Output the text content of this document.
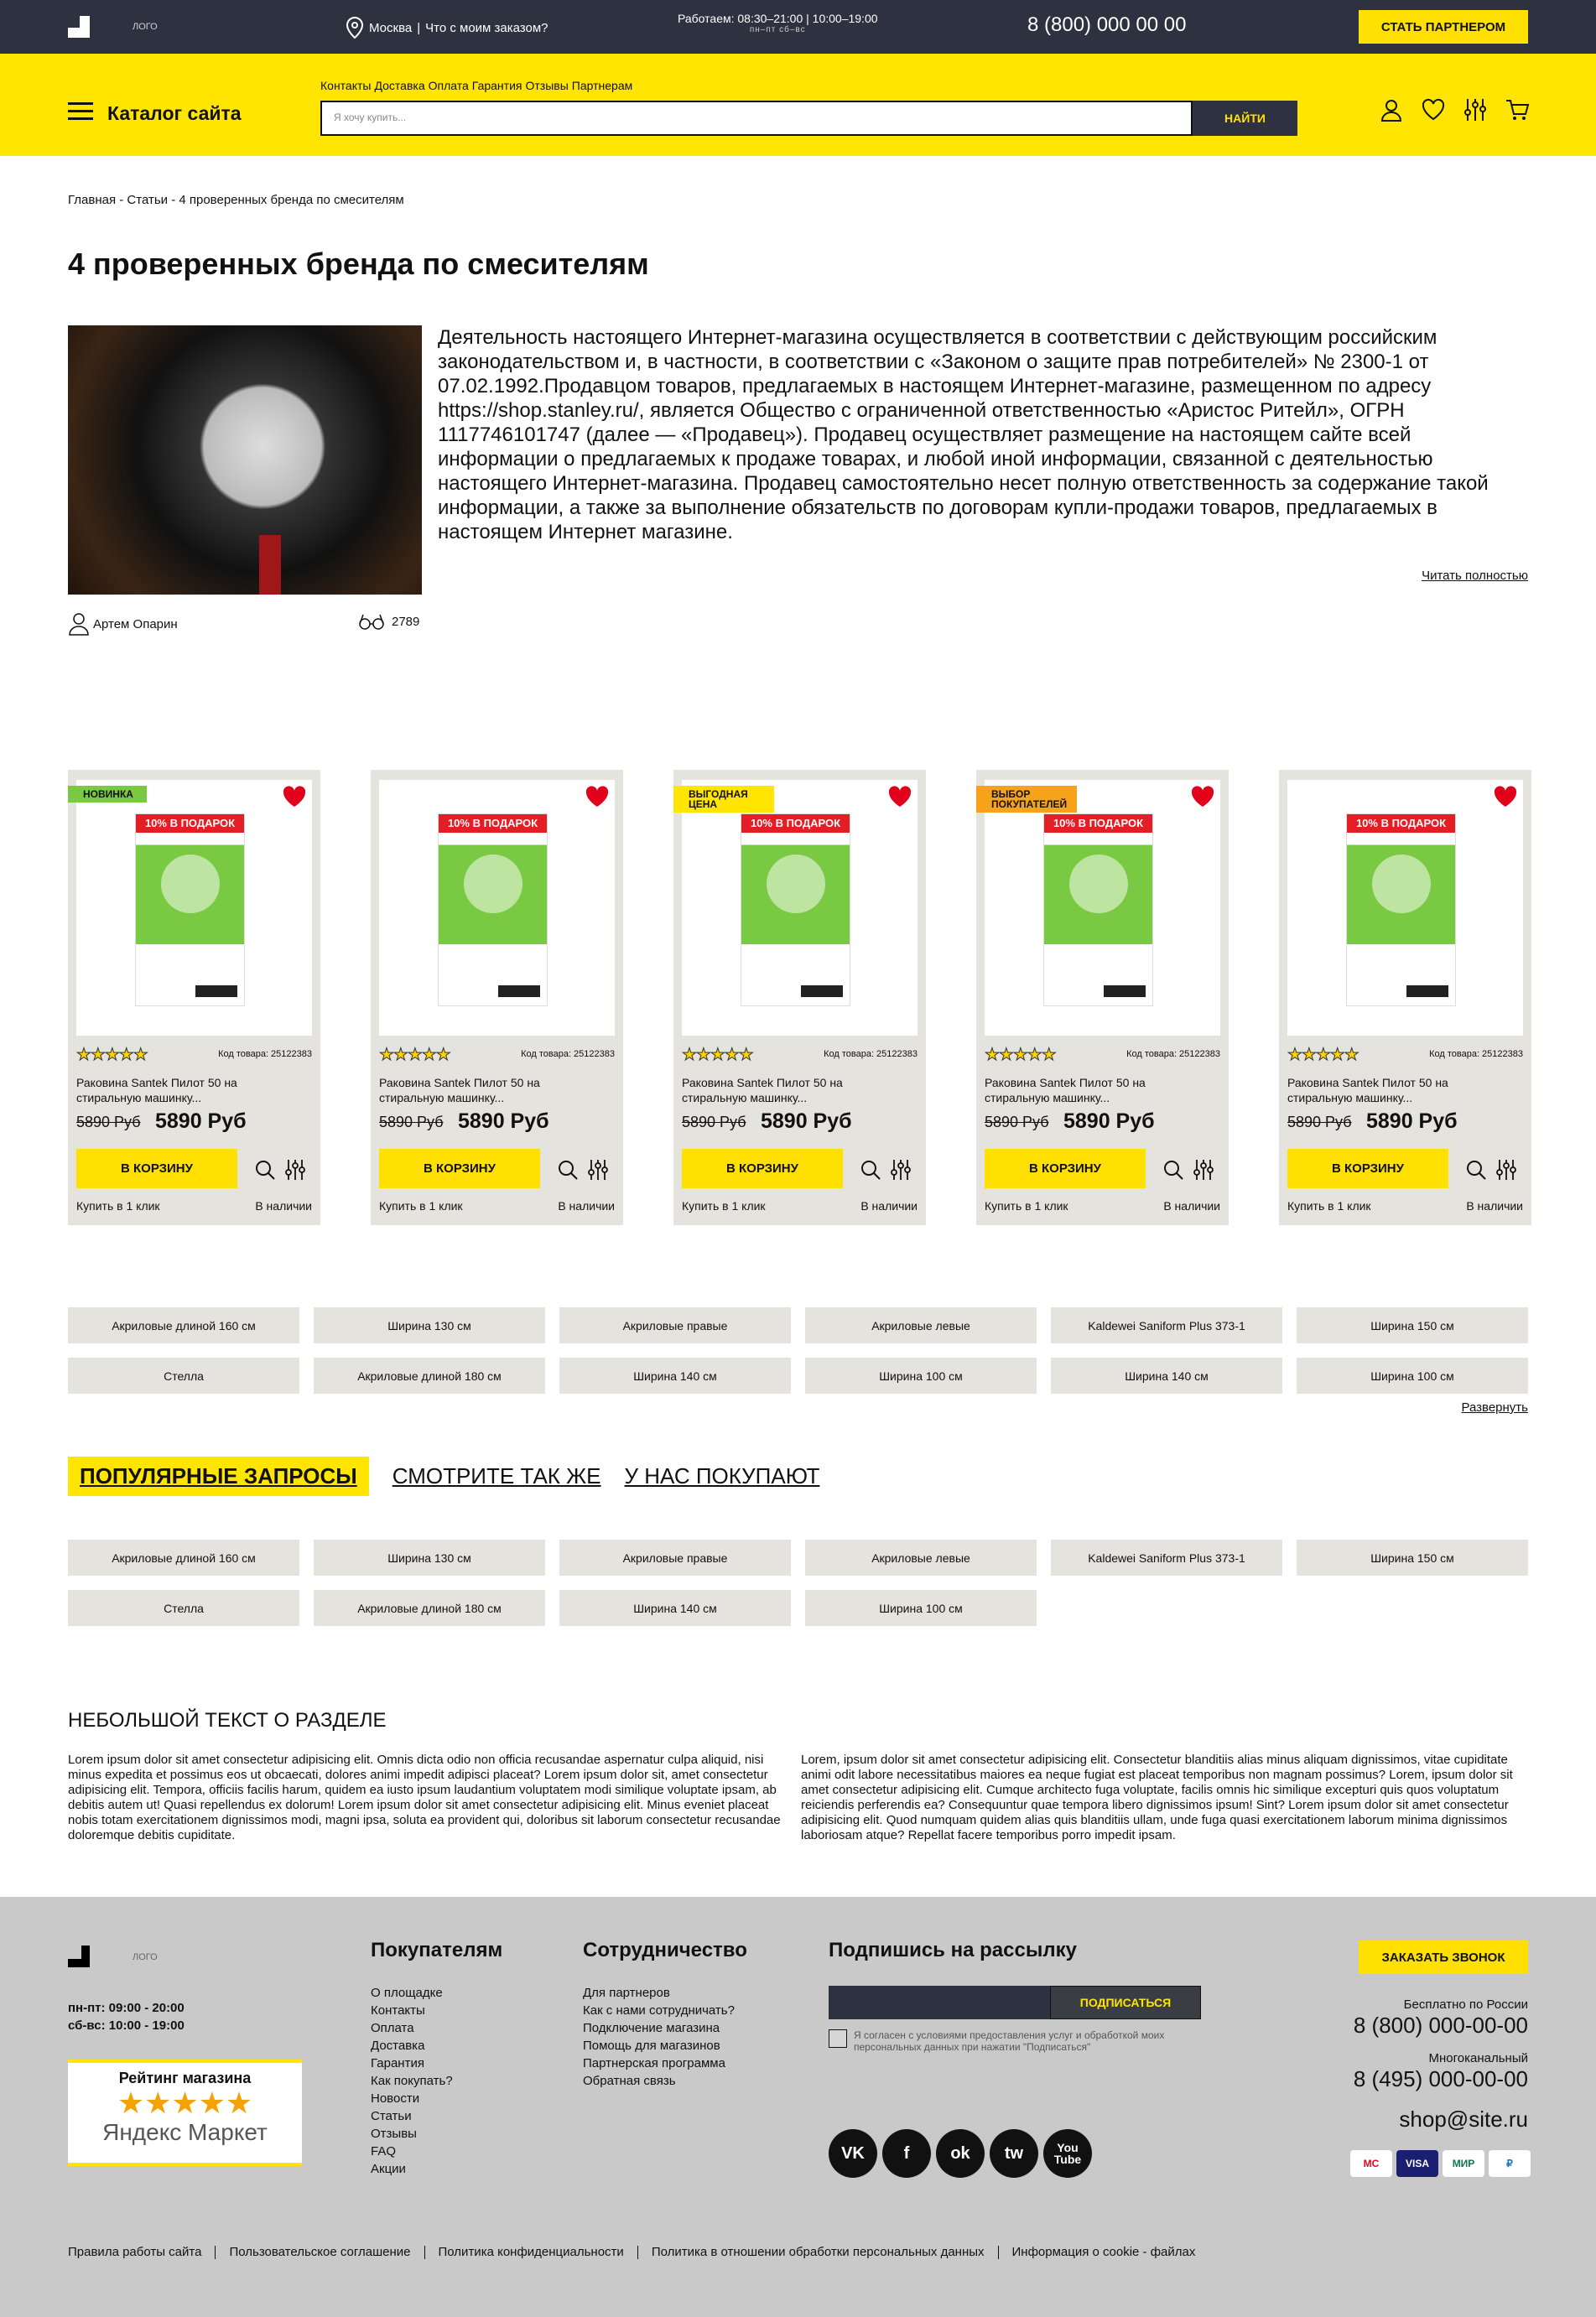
ЛОГО	Москва | Что с моим заказом?
Работаем: 08:30–21:00 | 10:00–19:00
пн–пт сб–вс	8 (800) 000 00 00	СТАТЬ ПАРТНЕРОМ
Каталог сайта
Контакты Доставка Оплата Гарантия Отзывы Партнерам
Я хочу купить...	НАЙТИ
Главная - Статьи - 4 проверенных бренда по смесителям
4 проверенных бренда по смесителям
Артем Опарин	2789
Деятельность настоящего Интернет-магазина осуществляется в соответствии с действующим российским законодательством и, в частности, в соответствии с «Законом о защите прав потребителей» № 2300-1 от 07.02.1992.Продавцом товаров, предлагаемых в настоящем Интернет-магазине, размещенном по адресу https://shop.stanley.ru/, является Общество с ограниченной ответственностью «Аристос Ритейл», ОГРН 1117746101747 (далее — «Продавец»). Продавец осуществляет размещение на настоящем сайте всей информации о предлагаемых к продаже товарах, и любой иной информации, связанной с деятельностью настоящего Интернет-магазина. Продавец самостоятельно несет полную ответственность за содержание такой информации, а также за выполнение обязательств по договорам купли-продажи товаров, предлагаемых в настоящем Интернет магазине.
Читать полностью
10% В ПОДАРОК
НОВИНКА
★★★★★	Код товара: 25122383
Раковина Santek Пилот 50 на стиральную машинку...
5890 Руб 5890 Руб
Купить в 1 клик	В наличии
В КОРЗИНУ
10% В ПОДАРОК
★★★★★	Код товара: 25122383
Раковина Santek Пилот 50 на стиральную машинку...
5890 Руб 5890 Руб
Купить в 1 клик	В наличии
В КОРЗИНУ
10% В ПОДАРОК
ВЫГОДНАЯ ЦЕНА
★★★★★	Код товара: 25122383
Раковина Santek Пилот 50 на стиральную машинку...
5890 Руб 5890 Руб
Купить в 1 клик	В наличии
В КОРЗИНУ
10% В ПОДАРОК
ВЫБОР ПОКУПАТЕЛЕЙ
★★★★★	Код товара: 25122383
Раковина Santek Пилот 50 на стиральную машинку...
5890 Руб 5890 Руб
Купить в 1 клик	В наличии
В КОРЗИНУ
10% В ПОДАРОК
★★★★★	Код товара: 25122383
Раковина Santek Пилот 50 на стиральную машинку...
5890 Руб 5890 Руб
Купить в 1 клик	В наличии
В КОРЗИНУ
Акриловые длиной 160 см	Ширина 130 см	Акриловые правые	Акриловые левые	Kaldewei Saniform Plus 373-1	Ширина 150 см
Стелла	Акриловые длиной 180 см	Ширина 140 см	Ширина 100 см	Ширина 140 см	Ширина 100 см
Развернуть
ПОПУЛЯРНЫЕ ЗАПРОСЫ	СМОТРИТЕ ТАК ЖЕ У НАС ПОКУПАЮТ
Акриловые длиной 160 см	Ширина 130 см	Акриловые правые	Акриловые левые	Kaldewei Saniform Plus 373-1	Ширина 150 см
Стелла	Акриловые длиной 180 см	Ширина 140 см	Ширина 100 см
НЕБОЛЬШОЙ ТЕКСТ О РАЗДЕЛЕ
Lorem ipsum dolor sit amet consectetur adipisicing elit. Omnis dicta odio non officia recusandae aspernatur culpa aliquid, nisi minus expedita et possimus eos ut obcaecati, dolores animi impedit adipisci placeat? Lorem ipsum dolor sit, amet consectetur adipisicing elit. Tempora, officiis facilis harum, quidem ea iusto ipsum laudantium voluptatem modi similique voluptate ipsam, ab debitis autem ut! Quasi repellendus ex dolorum! Lorem ipsum dolor sit amet consectetur adipisicing elit. Minus eveniet placeat nobis totam exercitationem dignissimos modi, magni ipsa, soluta ea provident qui, doloribus sit laborum consectetur recusandae doloremque debitis cupiditate.
Lorem, ipsum dolor sit amet consectetur adipisicing elit. Consectetur blanditiis alias minus aliquam dignissimos, vitae cupiditate animi odit labore necessitatibus maiores ea neque fugiat est placeat temporibus non magnam possimus? Lorem, ipsum dolor sit amet consectetur adipisicing elit. Cumque architecto fuga voluptate, facilis omnis hic similique excepturi quis quos voluptatum reiciendis perferendis ea? Consequuntur quae tempora libero dignissimos ipsum! Sint? Lorem ipsum dolor sit amet consectetur adipisicing elit. Quod numquam quidem alias quis blanditiis ullam, unde fuga quasi exercitationem laborum minima dignissimos laboriosam atque? Repellat facere temporibus porro impedit ipsam.
ЛОГО
пн-пт: 09:00 - 20:00
сб-вс: 10:00 - 19:00
Рейтинг магазина
★★★★★
Яндекс Маркет
Покупателям
О площадке
Контакты
Оплата
Доставка
Гарантия
Как покупать?
Новости
Статьи
Отзывы
FAQ
Акции
Сотрудничество
Для партнеров
Как с нами сотрудничать?
Подключение магазина
Помощь для магазинов
Партнерская программа
Обратная связь
Подпишись на рассылку
ПОДПИСАТЬСЯ
Я согласен с условиями предоставления услуг и обработкой моих персональных данных при нажатии "Подписаться"
VK	f	ok	tw	You Tube
ЗАКАЗАТЬ ЗВОНОК
Бесплатно по России
8 (800) 000-00-00
Многоканальный
8 (495) 000-00-00
shop@site.ru
MC	VISA	МИР	₽
Правила работы сайта	Пользовательское соглашение	Политика конфиденциальности	Политика в отношении обработки персональных данных	Информация о cookie - файлах
